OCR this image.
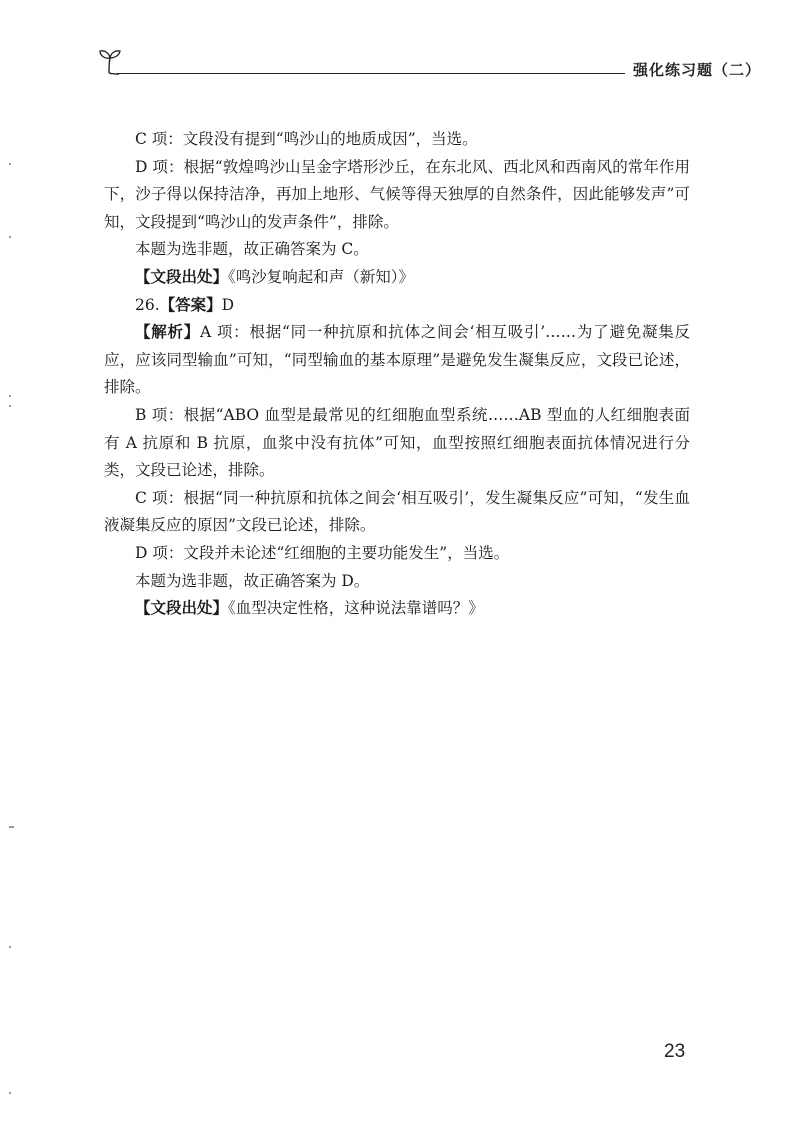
强化练习题（二）

C 项：文段没有提到“鸣沙山的地质成因”，当选。

D 项：根据“敦煌鸣沙山呈金字塔形沙丘，在东北风、西北风和西南风的常年作用下，沙子得以保持洁净，再加上地形、气候等得天独厚的自然条件，因此能够发声”可知，文段提到“鸣沙山的发声条件”，排除。

本题为选非题，故正确答案为 C。

【文段出处】《鸣沙复响起和声（新知）》

26.【答案】D

【解析】A 项：根据“同一种抗原和抗体之间会‘相互吸引’……为了避免凝集反应，应该同型输血”可知，“同型输血的基本原理”是避免发生凝集反应，文段已论述，排除。

B 项：根据“ABO 血型是最常见的红细胞血型系统……AB 型血的人红细胞表面有 A 抗原和 B 抗原，血浆中没有抗体”可知，血型按照红细胞表面抗体情况进行分类，文段已论述，排除。

C 项：根据“同一种抗原和抗体之间会‘相互吸引’，发生凝集反应”可知，“发生血液凝集反应的原因”文段已论述，排除。

D 项：文段并未论述“红细胞的主要功能发生”，当选。

本题为选非题，故正确答案为 D。

【文段出处】《血型决定性格，这种说法靠谱吗？》

23
